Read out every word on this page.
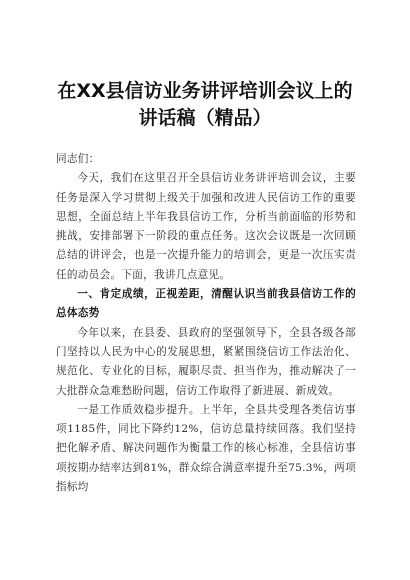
在XX县信访业务讲评培训会议上的讲话稿（精品）

同志们：

今天，我们在这里召开全县信访业务讲评培训会议，主要任务是深入学习贯彻上级关于加强和改进人民信访工作的重要思想，全面总结上半年我县信访工作，分析当前面临的形势和挑战，安排部署下一阶段的重点任务。这次会议既是一次回顾总结的讲评会，也是一次提升能力的培训会，更是一次压实责任的动员会。下面，我讲几点意见。

一、肯定成绩，正视差距，清醒认识当前我县信访工作的总体态势

今年以来，在县委、县政府的坚强领导下，全县各级各部门坚持以人民为中心的发展思想，紧紧围绕信访工作法治化、规范化、专业化的目标，履职尽责、担当作为，推动解决了一大批群众急难愁盼问题，信访工作取得了新进展、新成效。

一是工作质效稳步提升。上半年，全县共受理各类信访事项1185件，同比下降约12%，信访总量持续回落。我们坚持把化解矛盾、解决问题作为衡量工作的核心标准，全县信访事项按期办结率达到81%，群众综合满意率提升至75.3%，两项指标均
